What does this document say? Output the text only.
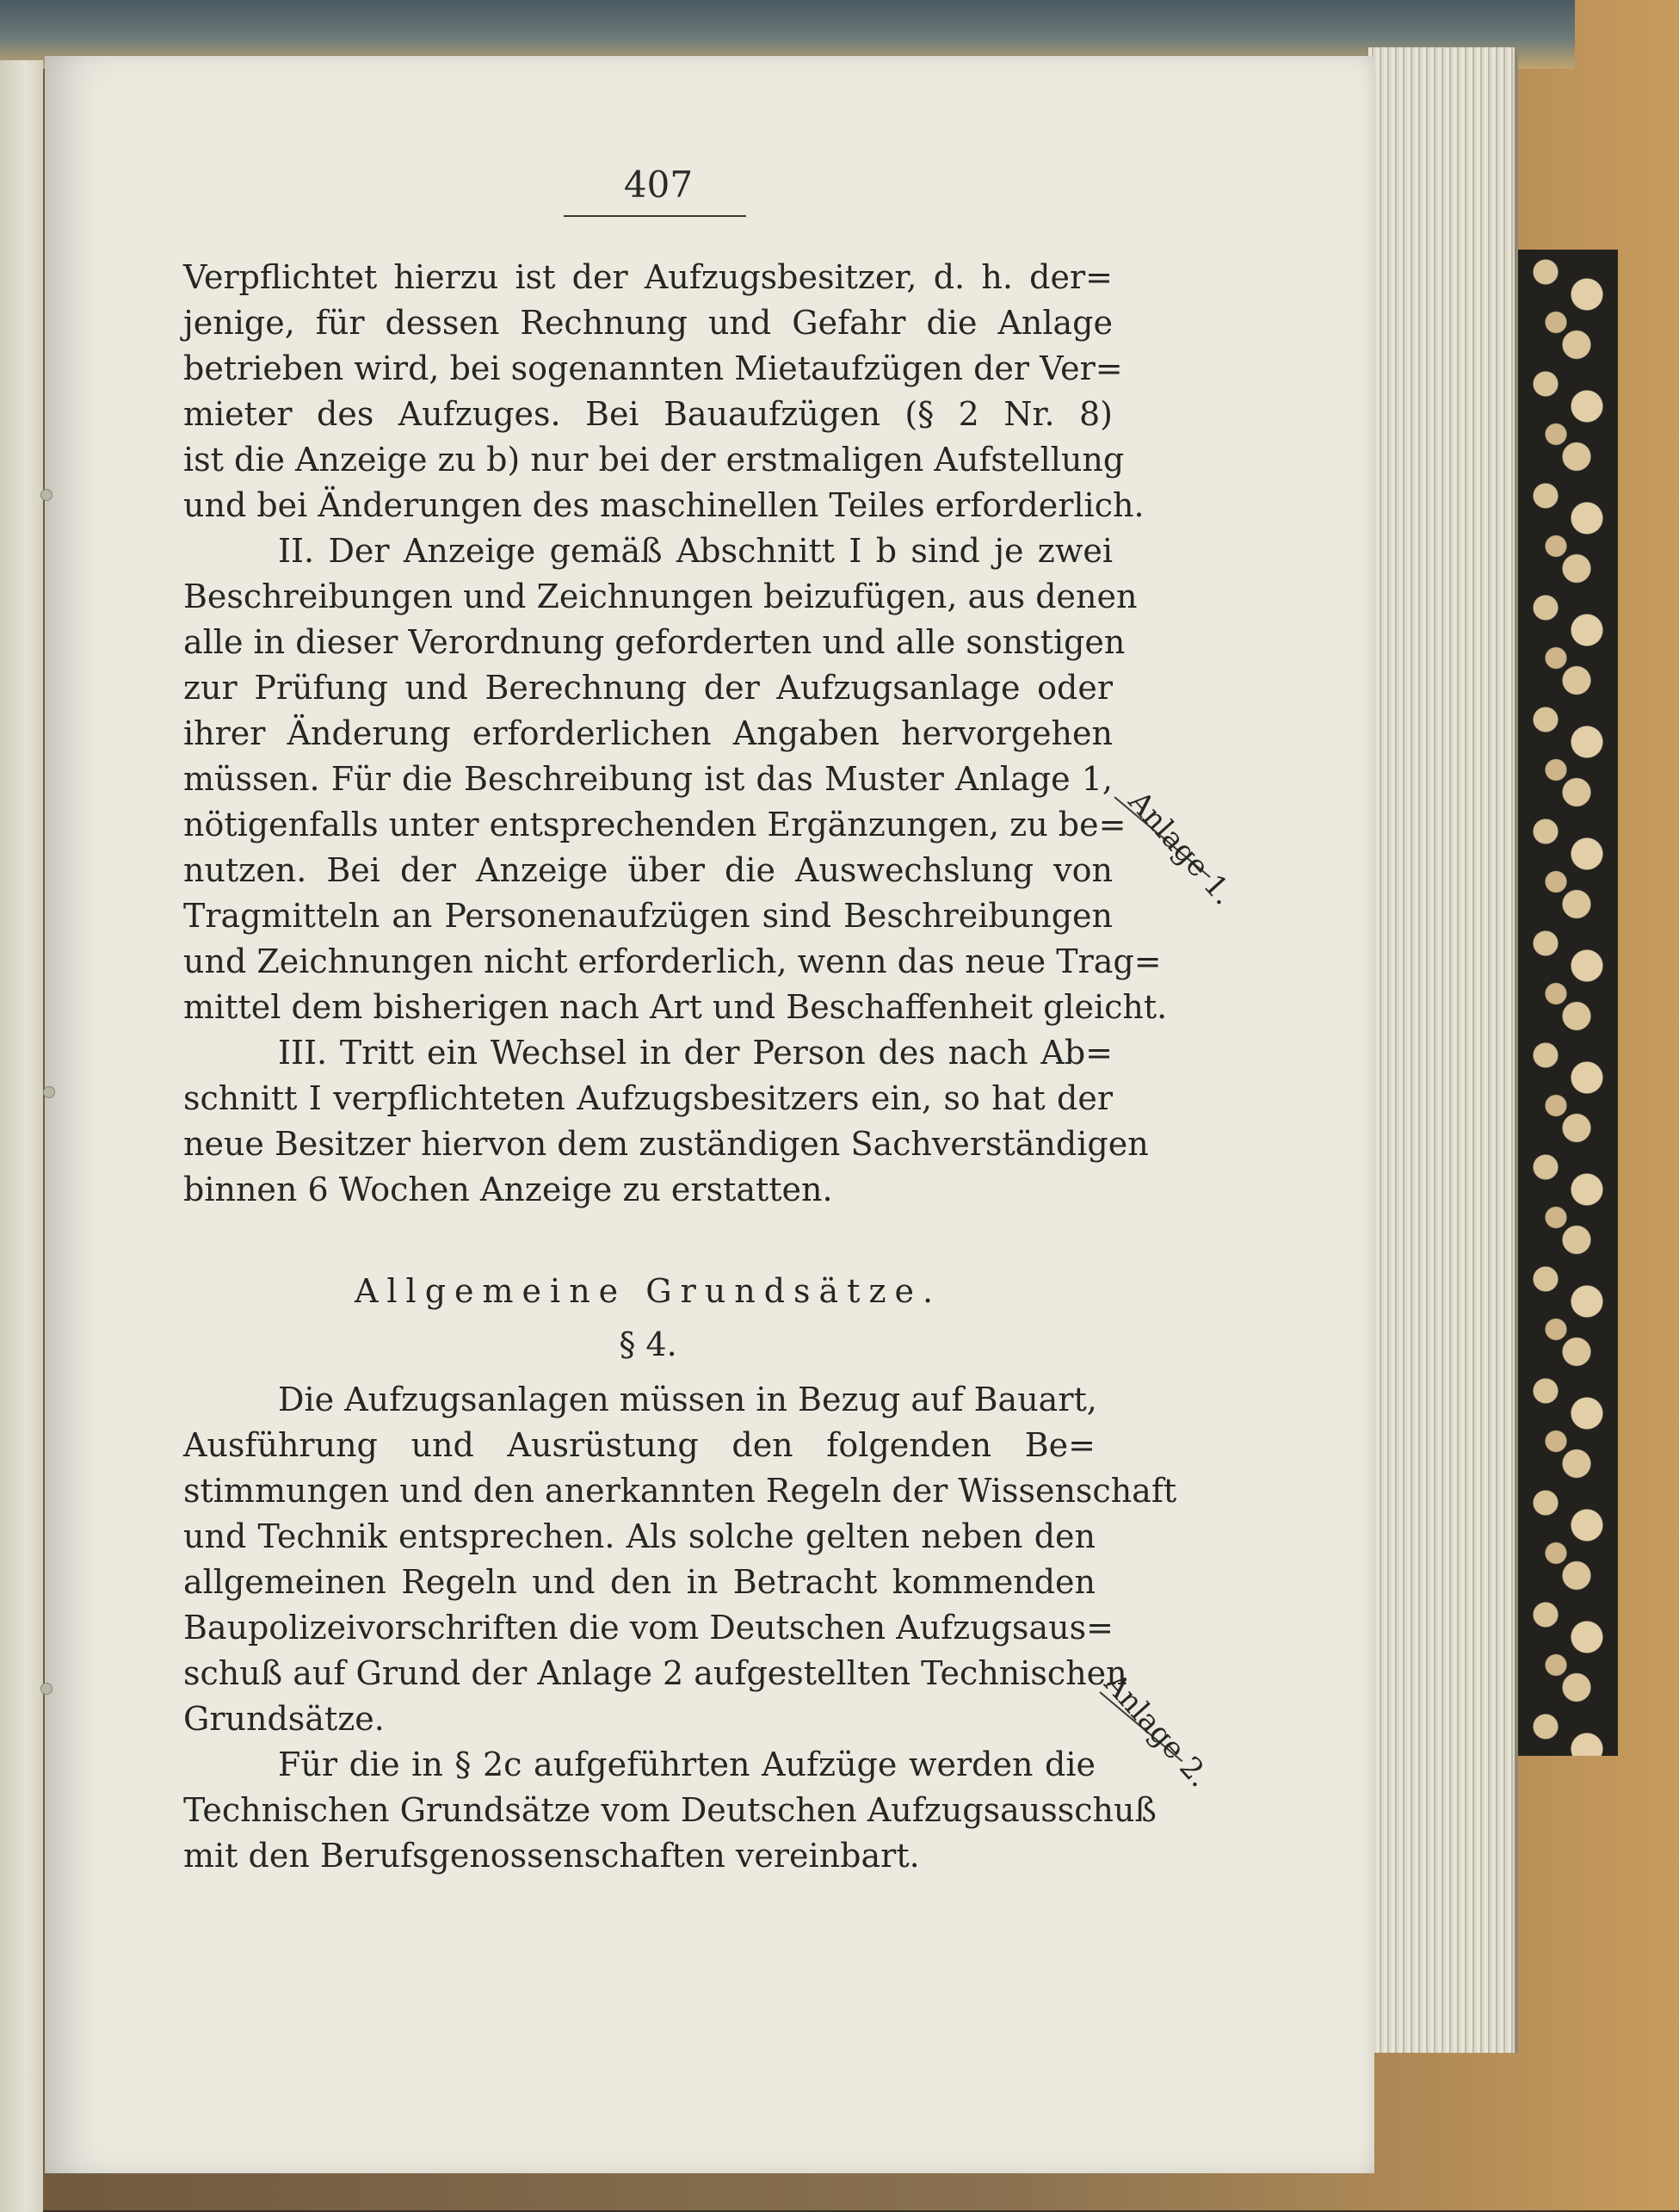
407
Verpflichtet hierzu ist der Aufzugsbesitzer, d. h. der=
jenige, für dessen Rechnung und Gefahr die Anlage
betrieben wird, bei sogenannten Mietaufzügen der Ver=
mieter des Aufzuges. Bei Bauaufzügen (§ 2 Nr. 8)
ist die Anzeige zu b) nur bei der erstmaligen Aufstellung
und bei Änderungen des maschinellen Teiles erforderlich.
II. Der Anzeige gemäß Abschnitt I b sind je zwei
Beschreibungen und Zeichnungen beizufügen, aus denen
alle in dieser Verordnung geforderten und alle sonstigen
zur Prüfung und Berechnung der Aufzugsanlage oder
ihrer Änderung erforderlichen Angaben hervorgehen
müssen. Für die Beschreibung ist das Muster Anlage 1,
nötigenfalls unter entsprechenden Ergänzungen, zu be=
nutzen. Bei der Anzeige über die Auswechslung von
Tragmitteln an Personenaufzügen sind Beschreibungen
und Zeichnungen nicht erforderlich, wenn das neue Trag=
mittel dem bisherigen nach Art und Beschaffenheit gleicht.
III. Tritt ein Wechsel in der Person des nach Ab=
schnitt I verpflichteten Aufzugsbesitzers ein, so hat der
neue Besitzer hiervon dem zuständigen Sachverständigen
binnen 6 Wochen Anzeige zu erstatten.
Allgemeine Grundsätze.
§ 4.
Die Aufzugsanlagen müssen in Bezug auf Bauart,
Ausführung und Ausrüstung den folgenden Be=
stimmungen und den anerkannten Regeln der Wissenschaft
und Technik entsprechen. Als solche gelten neben den
allgemeinen Regeln und den in Betracht kommenden
Baupolizeivorschriften die vom Deutschen Aufzugsaus=
schuß auf Grund der Anlage 2 aufgestellten Technischen
Grundsätze.
Für die in § 2c aufgeführten Aufzüge werden die
Technischen Grundsätze vom Deutschen Aufzugsausschuß
mit den Berufsgenossenschaften vereinbart.
Anlage 1.
Anlage 2.
